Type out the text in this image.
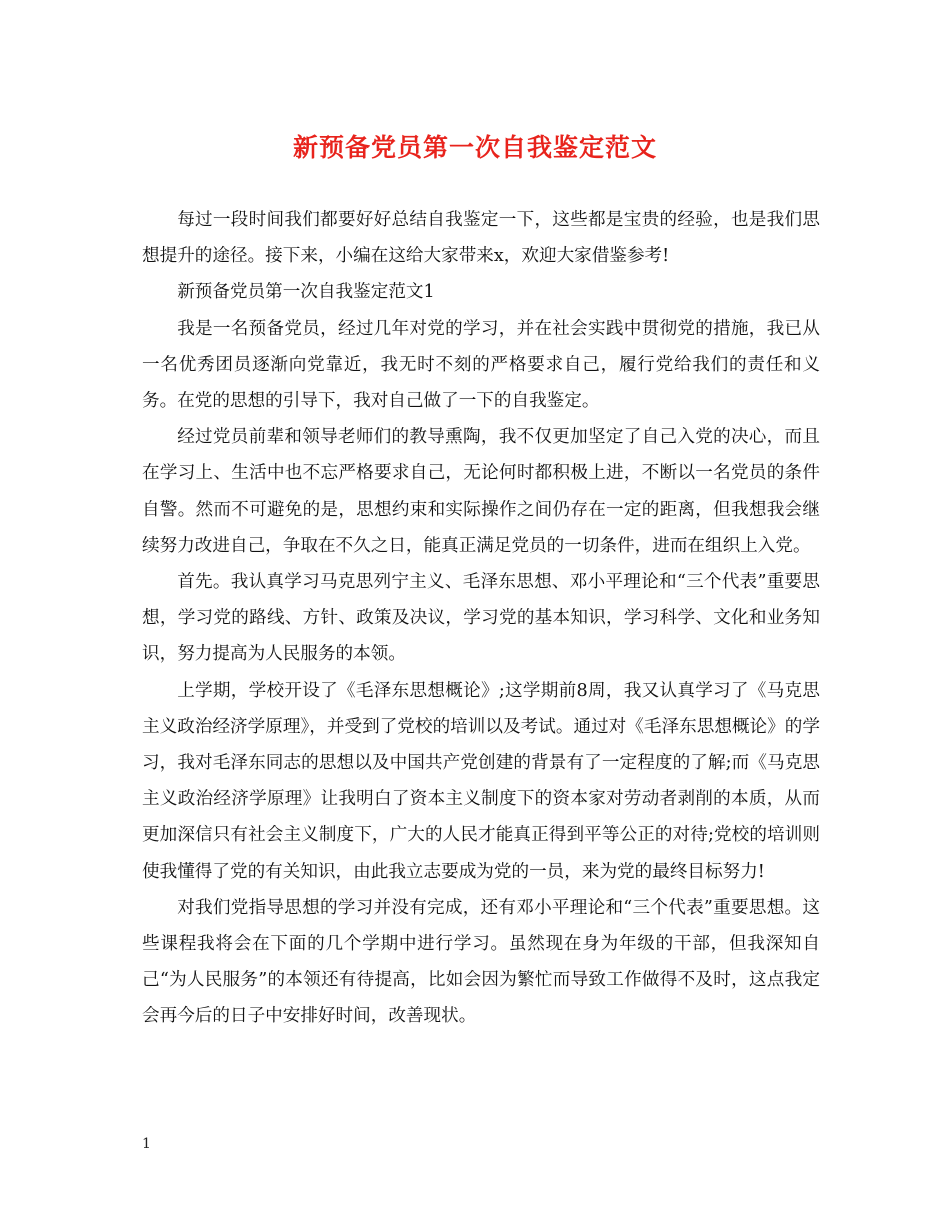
新预备党员第一次自我鉴定范文

每过一段时间我们都要好好总结自我鉴定一下，这些都是宝贵的经验，也是我们思想提升的途径。接下来，小编在这给大家带来x，欢迎大家借鉴参考!

新预备党员第一次自我鉴定范文1

我是一名预备党员，经过几年对党的学习，并在社会实践中贯彻党的措施，我已从一名优秀团员逐渐向党靠近，我无时不刻的严格要求自己，履行党给我们的责任和义务。在党的思想的引导下，我对自己做了一下的自我鉴定。

经过党员前辈和领导老师们的教导熏陶，我不仅更加坚定了自己入党的决心，而且在学习上、生活中也不忘严格要求自己，无论何时都积极上进，不断以一名党员的条件自警。然而不可避免的是，思想约束和实际操作之间仍存在一定的距离，但我想我会继续努力改进自己，争取在不久之日，能真正满足党员的一切条件，进而在组织上入党。

首先。我认真学习马克思列宁主义、毛泽东思想、邓小平理论和“三个代表”重要思想，学习党的路线、方针、政策及决议，学习党的基本知识，学习科学、文化和业务知识，努力提高为人民服务的本领。

上学期，学校开设了《毛泽东思想概论》;这学期前8周，我又认真学习了《马克思主义政治经济学原理》，并受到了党校的培训以及考试。通过对《毛泽东思想概论》的学习，我对毛泽东同志的思想以及中国共产党创建的背景有了一定程度的了解;而《马克思主义政治经济学原理》让我明白了资本主义制度下的资本家对劳动者剥削的本质，从而更加深信只有社会主义制度下，广大的人民才能真正得到平等公正的对待;党校的培训则使我懂得了党的有关知识，由此我立志要成为党的一员，来为党的最终目标努力!

对我们党指导思想的学习并没有完成，还有邓小平理论和“三个代表”重要思想。这些课程我将会在下面的几个学期中进行学习。虽然现在身为年级的干部，但我深知自己“为人民服务”的本领还有待提高，比如会因为繁忙而导致工作做得不及时，这点我定会再今后的日子中安排好时间，改善现状。

1
